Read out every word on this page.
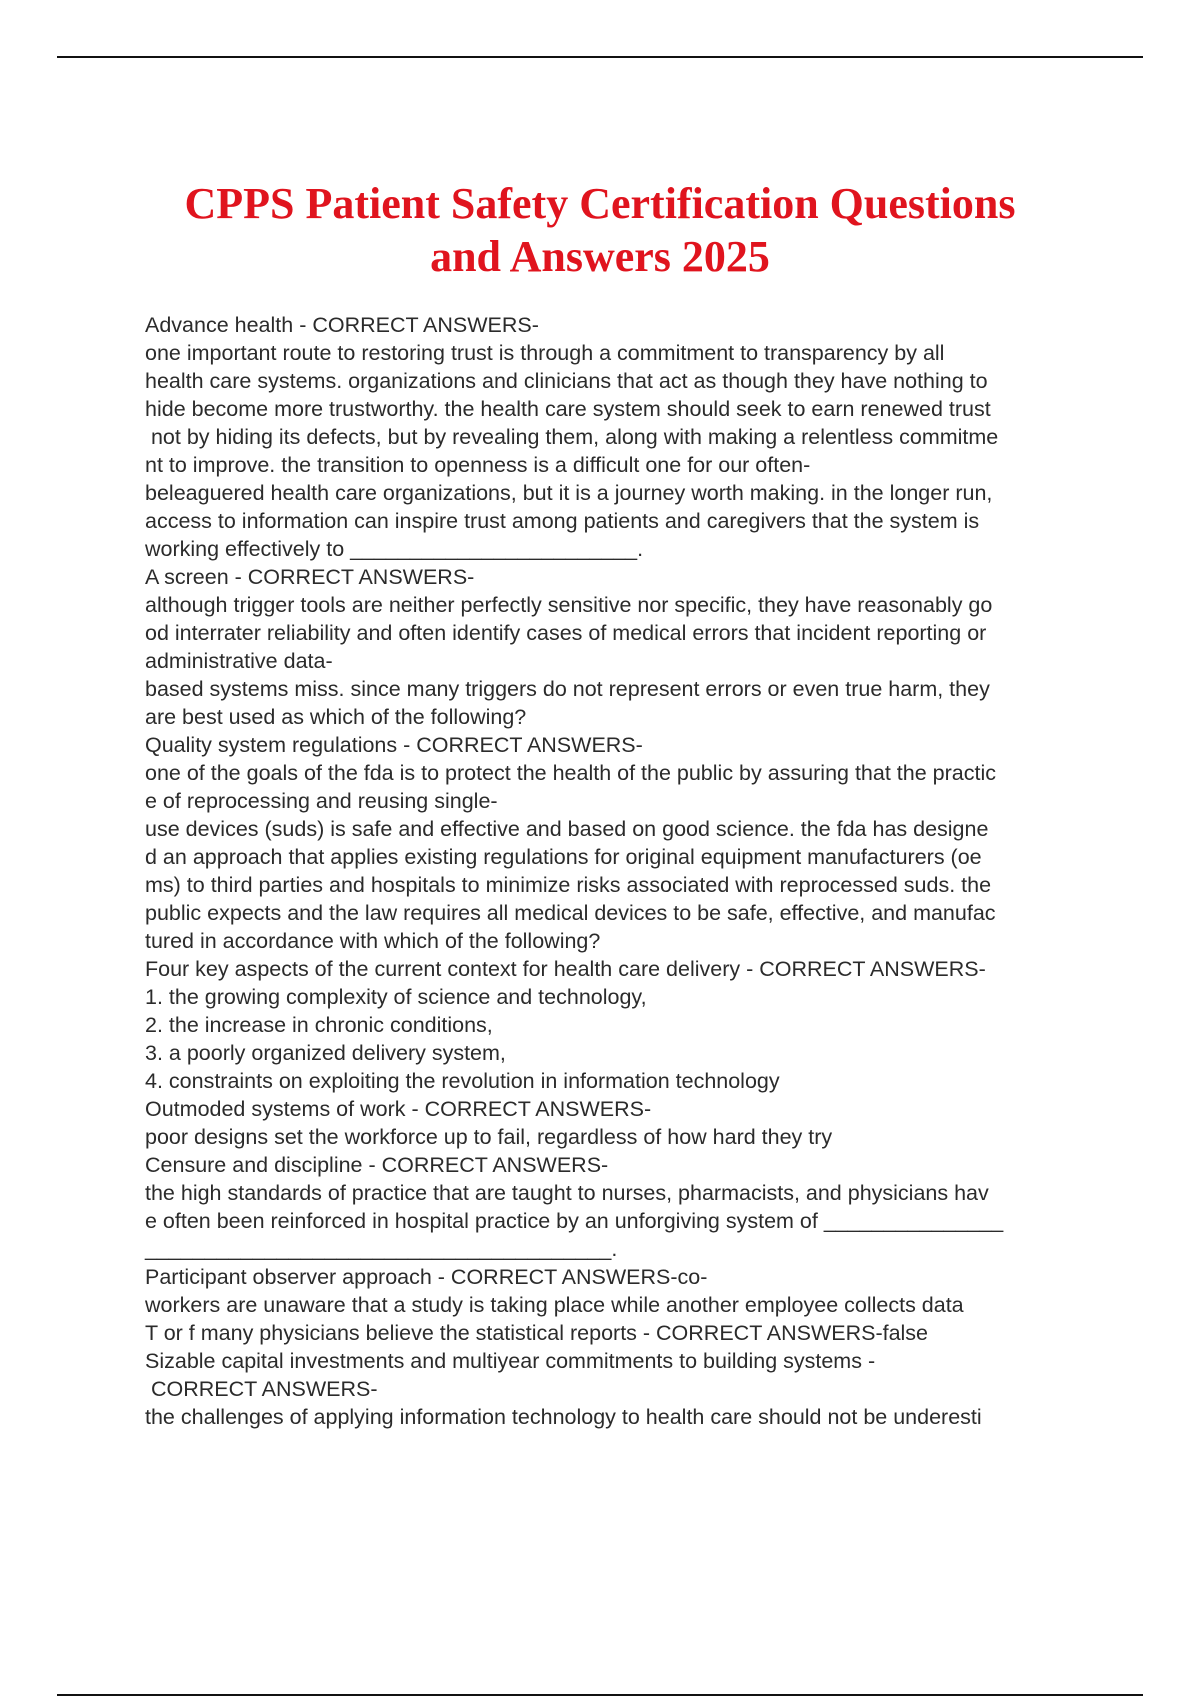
CPPS Patient Safety Certification Questions
and Answers 2025
Advance health - CORRECT ANSWERS-
one important route to restoring trust is through a commitment to transparency by all
health care systems. organizations and clinicians that act as though they have nothing to
hide become more trustworthy. the health care system should seek to earn renewed trust
not by hiding its defects, but by revealing them, along with making a relentless commitme
nt to improve. the transition to openness is a difficult one for our often-
beleaguered health care organizations, but it is a journey worth making. in the longer run,
access to information can inspire trust among patients and caregivers that the system is
working effectively to ________________________.
A screen - CORRECT ANSWERS-
although trigger tools are neither perfectly sensitive nor specific, they have reasonably go
od interrater reliability and often identify cases of medical errors that incident reporting or
administrative data-
based systems miss. since many triggers do not represent errors or even true harm, they
are best used as which of the following?
Quality system regulations - CORRECT ANSWERS-
one of the goals of the fda is to protect the health of the public by assuring that the practic
e of reprocessing and reusing single-
use devices (suds) is safe and effective and based on good science. the fda has designe
d an approach that applies existing regulations for original equipment manufacturers (oe
ms) to third parties and hospitals to minimize risks associated with reprocessed suds. the
public expects and the law requires all medical devices to be safe, effective, and manufac
tured in accordance with which of the following?
Four key aspects of the current context for health care delivery - CORRECT ANSWERS-
1. the growing complexity of science and technology,
2. the increase in chronic conditions,
3. a poorly organized delivery system,
4. constraints on exploiting the revolution in information technology
Outmoded systems of work - CORRECT ANSWERS-
poor designs set the workforce up to fail, regardless of how hard they try
Censure and discipline - CORRECT ANSWERS-
the high standards of practice that are taught to nurses, pharmacists, and physicians hav
e often been reinforced in hospital practice by an unforgiving system of _______________
_______________________________________.
Participant observer approach - CORRECT ANSWERS-co-
workers are unaware that a study is taking place while another employee collects data
T or f many physicians believe the statistical reports - CORRECT ANSWERS-false
Sizable capital investments and multiyear commitments to building systems -
CORRECT ANSWERS-
the challenges of applying information technology to health care should not be underesti
